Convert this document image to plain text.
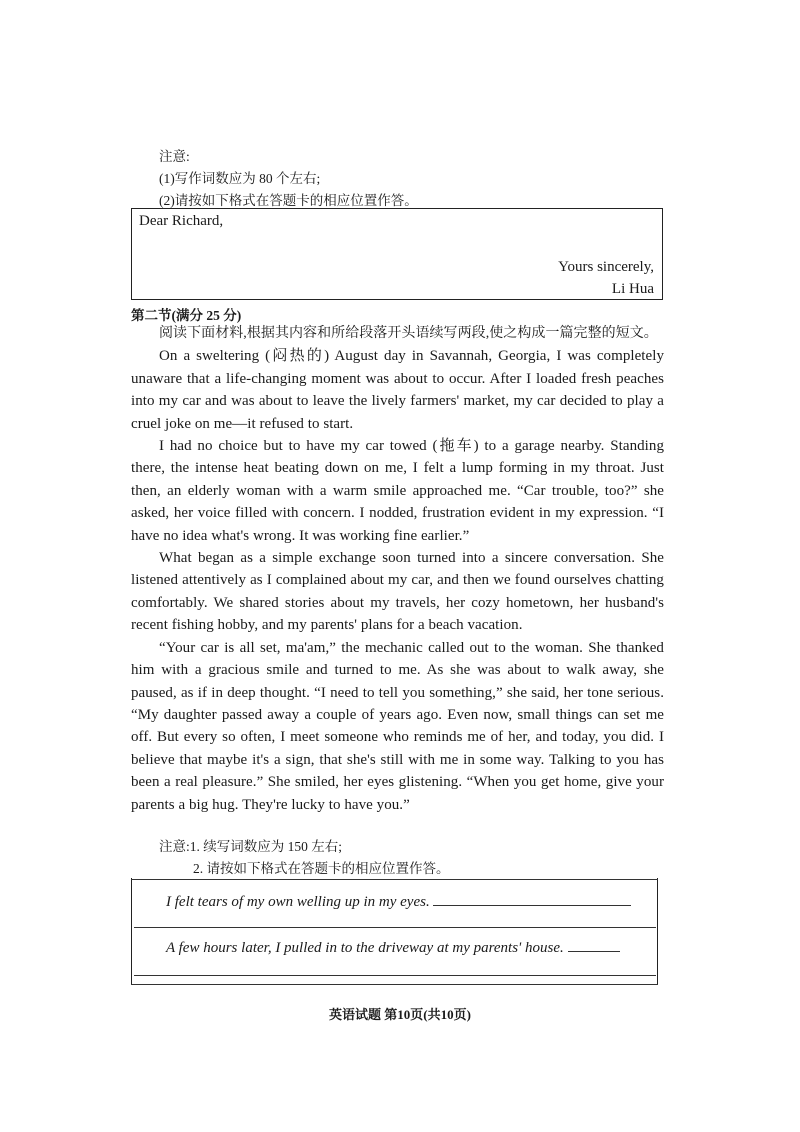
注意:
(1)写作词数应为 80 个左右;
(2)请按如下格式在答题卡的相应位置作答。
Dear Richard,
Yours sincerely,
Li Hua
第二节(满分 25 分)

阅读下面材料,根据其内容和所给段落开头语续写两段,使之构成一篇完整的短文。

On a sweltering (闷热的) August day in Savannah, Georgia, I was completely unaware that a life-changing moment was about to occur. After I loaded fresh peaches into my car and was about to leave the lively farmers' market, my car decided to play a cruel joke on me—it refused to start.

I had no choice but to have my car towed (拖车) to a garage nearby. Standing there, the intense heat beating down on me, I felt a lump forming in my throat. Just then, an elderly woman with a warm smile approached me. “Car trouble, too?” she asked, her voice filled with concern. I nodded, frustration evident in my expression. “I have no idea what's wrong. It was working fine earlier.”

What began as a simple exchange soon turned into a sincere conversation. She listened attentively as I complained about my car, and then we found ourselves chatting comfortably. We shared stories about my travels, her cozy hometown, her husband's recent fishing hobby, and my parents' plans for a beach vacation.

“Your car is all set, ma'am,” the mechanic called out to the woman. She thanked him with a gracious smile and turned to me. As she was about to walk away, she paused, as if in deep thought. “I need to tell you something,” she said, her tone serious. “My daughter passed away a couple of years ago. Even now, small things can set me off. But every so often, I meet someone who reminds me of her, and today, you did. I believe that maybe it's a sign, that she's still with me in some way. Talking to you has been a real pleasure.” She smiled, her eyes glistening. “When you get home, give your parents a big hug. They're lucky to have you.”

注意:1. 续写词数应为 150 左右;
2. 请按如下格式在答题卡的相应位置作答。
I felt tears of my own welling up in my eyes.
A few hours later, I pulled in to the driveway at my parents' house.
英语试题 第10页(共10页)
